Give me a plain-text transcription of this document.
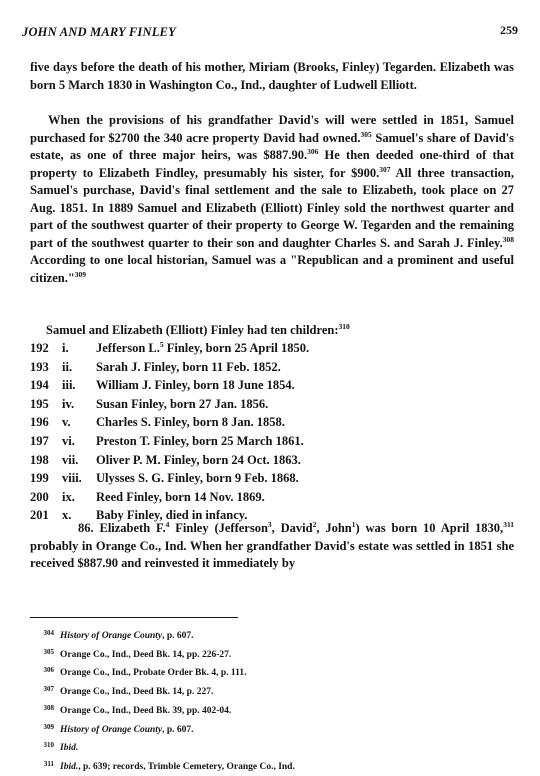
JOHN AND MARY FINLEY	259
five days before the death of his mother, Miriam (Brooks, Finley) Tegarden. Elizabeth was born 5 March 1830 in Washington Co., Ind., daughter of Ludwell Elliott.
When the provisions of his grandfather David's will were settled in 1851, Samuel purchased for $2700 the 340 acre property David had owned.$^{305}$ Samuel's share of David's estate, as one of three major heirs, was $887.90.$^{306}$ He then deeded one-third of that property to Elizabeth Findley, presumably his sister, for $900.$^{307}$ All three transaction, Samuel's purchase, David's final settlement and the sale to Elizabeth, took place on 27 Aug. 1851. In 1889 Samuel and Elizabeth (Elliott) Finley sold the northwest quarter and part of the southwest quarter of their property to George W. Tegarden and the remaining part of the southwest quarter to their son and daughter Charles S. and Sarah J. Finley.$^{308}$ According to one local historian, Samuel was a "Republican and a prominent and useful citizen."$^{309}$
Samuel and Elizabeth (Elliott) Finley had ten children:$^{310}$
192	i.	Jefferson L.$^5$ Finley, born 25 April 1850.
193	ii.	Sarah J. Finley, born 11 Feb. 1852.
194	iii.	William J. Finley, born 18 June 1854.
195	iv.	Susan Finley, born 27 Jan. 1856.
196	v.	Charles S. Finley, born 8 Jan. 1858.
197	vi.	Preston T. Finley, born 25 March 1861.
198	vii.	Oliver P. M. Finley, born 24 Oct. 1863.
199	viii.	Ulysses S. G. Finley, born 9 Feb. 1868.
200	ix.	Reed Finley, born 14 Nov. 1869.
201	x.	Baby Finley, died in infancy.
86. Elizabeth F.$^4$ Finley (Jefferson$^3$, David$^2$, John$^1$) was born 10 April 1830,$^{311}$ probably in Orange Co., Ind. When her grandfather David's estate was settled in 1851 she received $887.90 and reinvested it immediately by
304 History of Orange County, p. 607.
305 Orange Co., Ind., Deed Bk. 14, pp. 226-27.
306 Orange Co., Ind., Probate Order Bk. 4, p. 111.
307 Orange Co., Ind., Deed Bk. 14, p. 227.
308 Orange Co., Ind., Deed Bk. 39, pp. 402-04.
309 History of Orange County, p. 607.
310 Ibid.
311 Ibid., p. 639; records, Trimble Cemetery, Orange Co., Ind.
